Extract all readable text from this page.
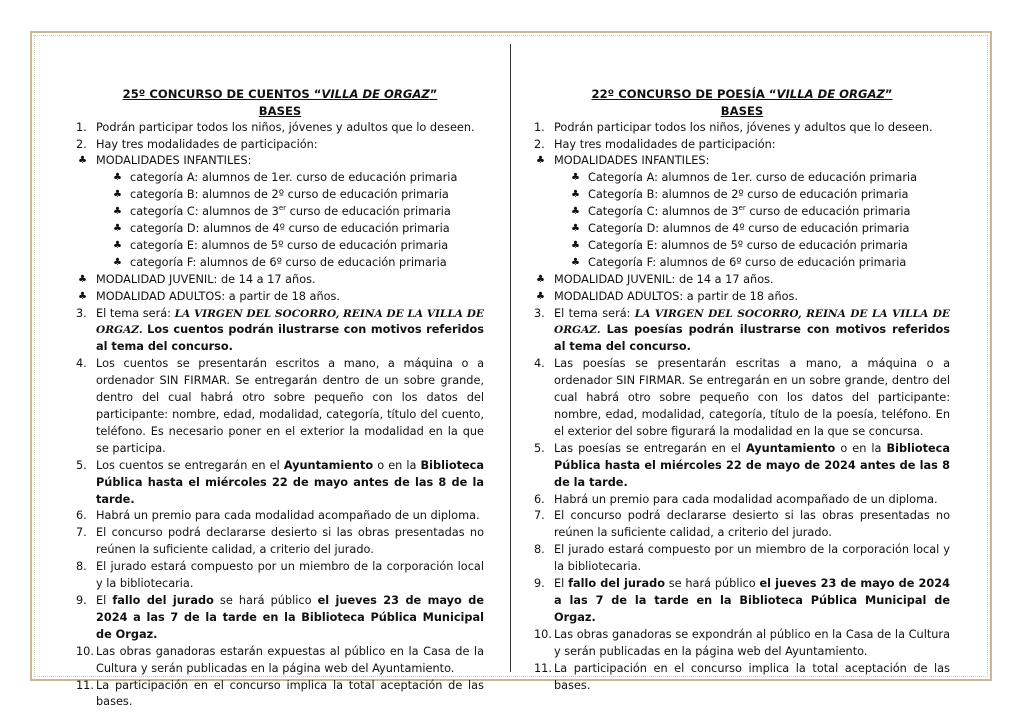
25º CONCURSO DE CUENTOS “VILLA DE ORGAZ”
BASES
1. Podrán participar todos los niños, jóvenes y adultos que lo deseen.
2. Hay tres modalidades de participación:
♣ MODALIDADES INFANTILES:
♣ categoría A: alumnos de 1er. curso de educación primaria
♣ categoría B: alumnos de 2º curso de educación primaria
♣ categoría C: alumnos de 3er curso de educación primaria
♣ categoría D: alumnos de 4º curso de educación primaria
♣ categoría E: alumnos de 5º curso de educación primaria
♣ categoría F: alumnos de 6º curso de educación primaria
♣ MODALIDAD JUVENIL: de 14 a 17 años.
♣ MODALIDAD ADULTOS: a partir de 18 años.
3. El tema será: LA VIRGEN DEL SOCORRO, REINA DE LA VILLA DE ORGAZ. Los cuentos podrán ilustrarse con motivos referidos al tema del concurso.
4. Los cuentos se presentarán escritos a mano, a máquina o a ordenador SIN FIRMAR. Se entregarán dentro de un sobre grande, dentro del cual habrá otro sobre pequeño con los datos del participante: nombre, edad, modalidad, categoría, título del cuento, teléfono. Es necesario poner en el exterior la modalidad en la que se participa.
5. Los cuentos se entregarán en el Ayuntamiento o en la Biblioteca Pública hasta el miércoles 22 de mayo antes de las 8 de la tarde.
6. Habrá un premio para cada modalidad acompañado de un diploma.
7. El concurso podrá declararse desierto si las obras presentadas no reúnen la suficiente calidad, a criterio del jurado.
8. El jurado estará compuesto por un miembro de la corporación local y la bibliotecaria.
9. El fallo del jurado se hará público el jueves 23 de mayo de 2024 a las 7 de la tarde en la Biblioteca Pública Municipal de Orgaz.
10. Las obras ganadoras estarán expuestas al público en la Casa de la Cultura y serán publicadas en la página web del Ayuntamiento.
11. La participación en el concurso implica la total aceptación de las bases.
22º CONCURSO DE POESÍA “VILLA DE ORGAZ”
BASES
1. Podrán participar todos los niños, jóvenes y adultos que lo deseen.
2. Hay tres modalidades de participación:
♣ MODALIDADES INFANTILES:
♣ Categoría A: alumnos de 1er. curso de educación primaria
♣ Categoría B: alumnos de 2º curso de educación primaria
♣ Categoría C: alumnos de 3er curso de educación primaria
♣ Categoría D: alumnos de 4º curso de educación primaria
♣ Categoría E: alumnos de 5º curso de educación primaria
♣ Categoría F: alumnos de 6º curso de educación primaria
♣ MODALIDAD JUVENIL: de 14 a 17 años.
♣ MODALIDAD ADULTOS: a partir de 18 años.
3. El tema será: LA VIRGEN DEL SOCORRO, REINA DE LA VILLA DE ORGAZ. Las poesías podrán ilustrarse con motivos referidos al tema del concurso.
4. Las poesías se presentarán escritas a mano, a máquina o a ordenador SIN FIRMAR. Se entregarán en un sobre grande, dentro del cual habrá otro sobre pequeño con los datos del participante: nombre, edad, modalidad, categoría, título de la poesía, teléfono. En el exterior del sobre figurará la modalidad en la que se concursa.
5. Las poesías se entregarán en el Ayuntamiento o en la Biblioteca Pública hasta el miércoles 22 de mayo de 2024 antes de las 8 de la tarde.
6. Habrá un premio para cada modalidad acompañado de un diploma.
7. El concurso podrá declararse desierto si las obras presentadas no reúnen la suficiente calidad, a criterio del jurado.
8. El jurado estará compuesto por un miembro de la corporación local y la bibliotecaria.
9. El fallo del jurado se hará público el jueves 23 de mayo de 2024 a las 7 de la tarde en la Biblioteca Pública Municipal de Orgaz.
10. Las obras ganadoras se expondrán al público en la Casa de la Cultura y serán publicadas en la página web del Ayuntamiento.
11. La participación en el concurso implica la total aceptación de las bases.
